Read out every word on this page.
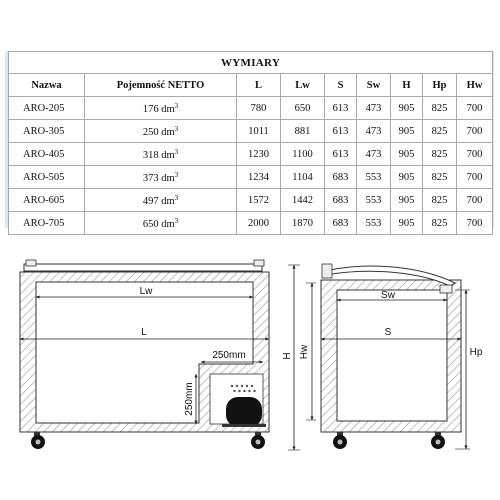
WYMIARY								
Nazwa	Pojemność NETTO	L	Lw	S	Sw	H	Hp	Hw
ARO-205	176 $dm^3$	780	650	613	473	905	825	700
ARO-305	250 $dm^3$	1011	881	613	473	905	825	700
ARO-405	318 $dm^3$	1230	1100	613	473	905	825	700
ARO-505	373 $dm^3$	1234	1104	683	553	905	825	700
ARO-605	497 $dm^3$	1572	1442	683	553	905	825	700
ARO-705	650 $dm^3$	2000	1870	683	553	905	825	700
Lw
L
250mm
250mm
H Hw
Sw
S
Hp
